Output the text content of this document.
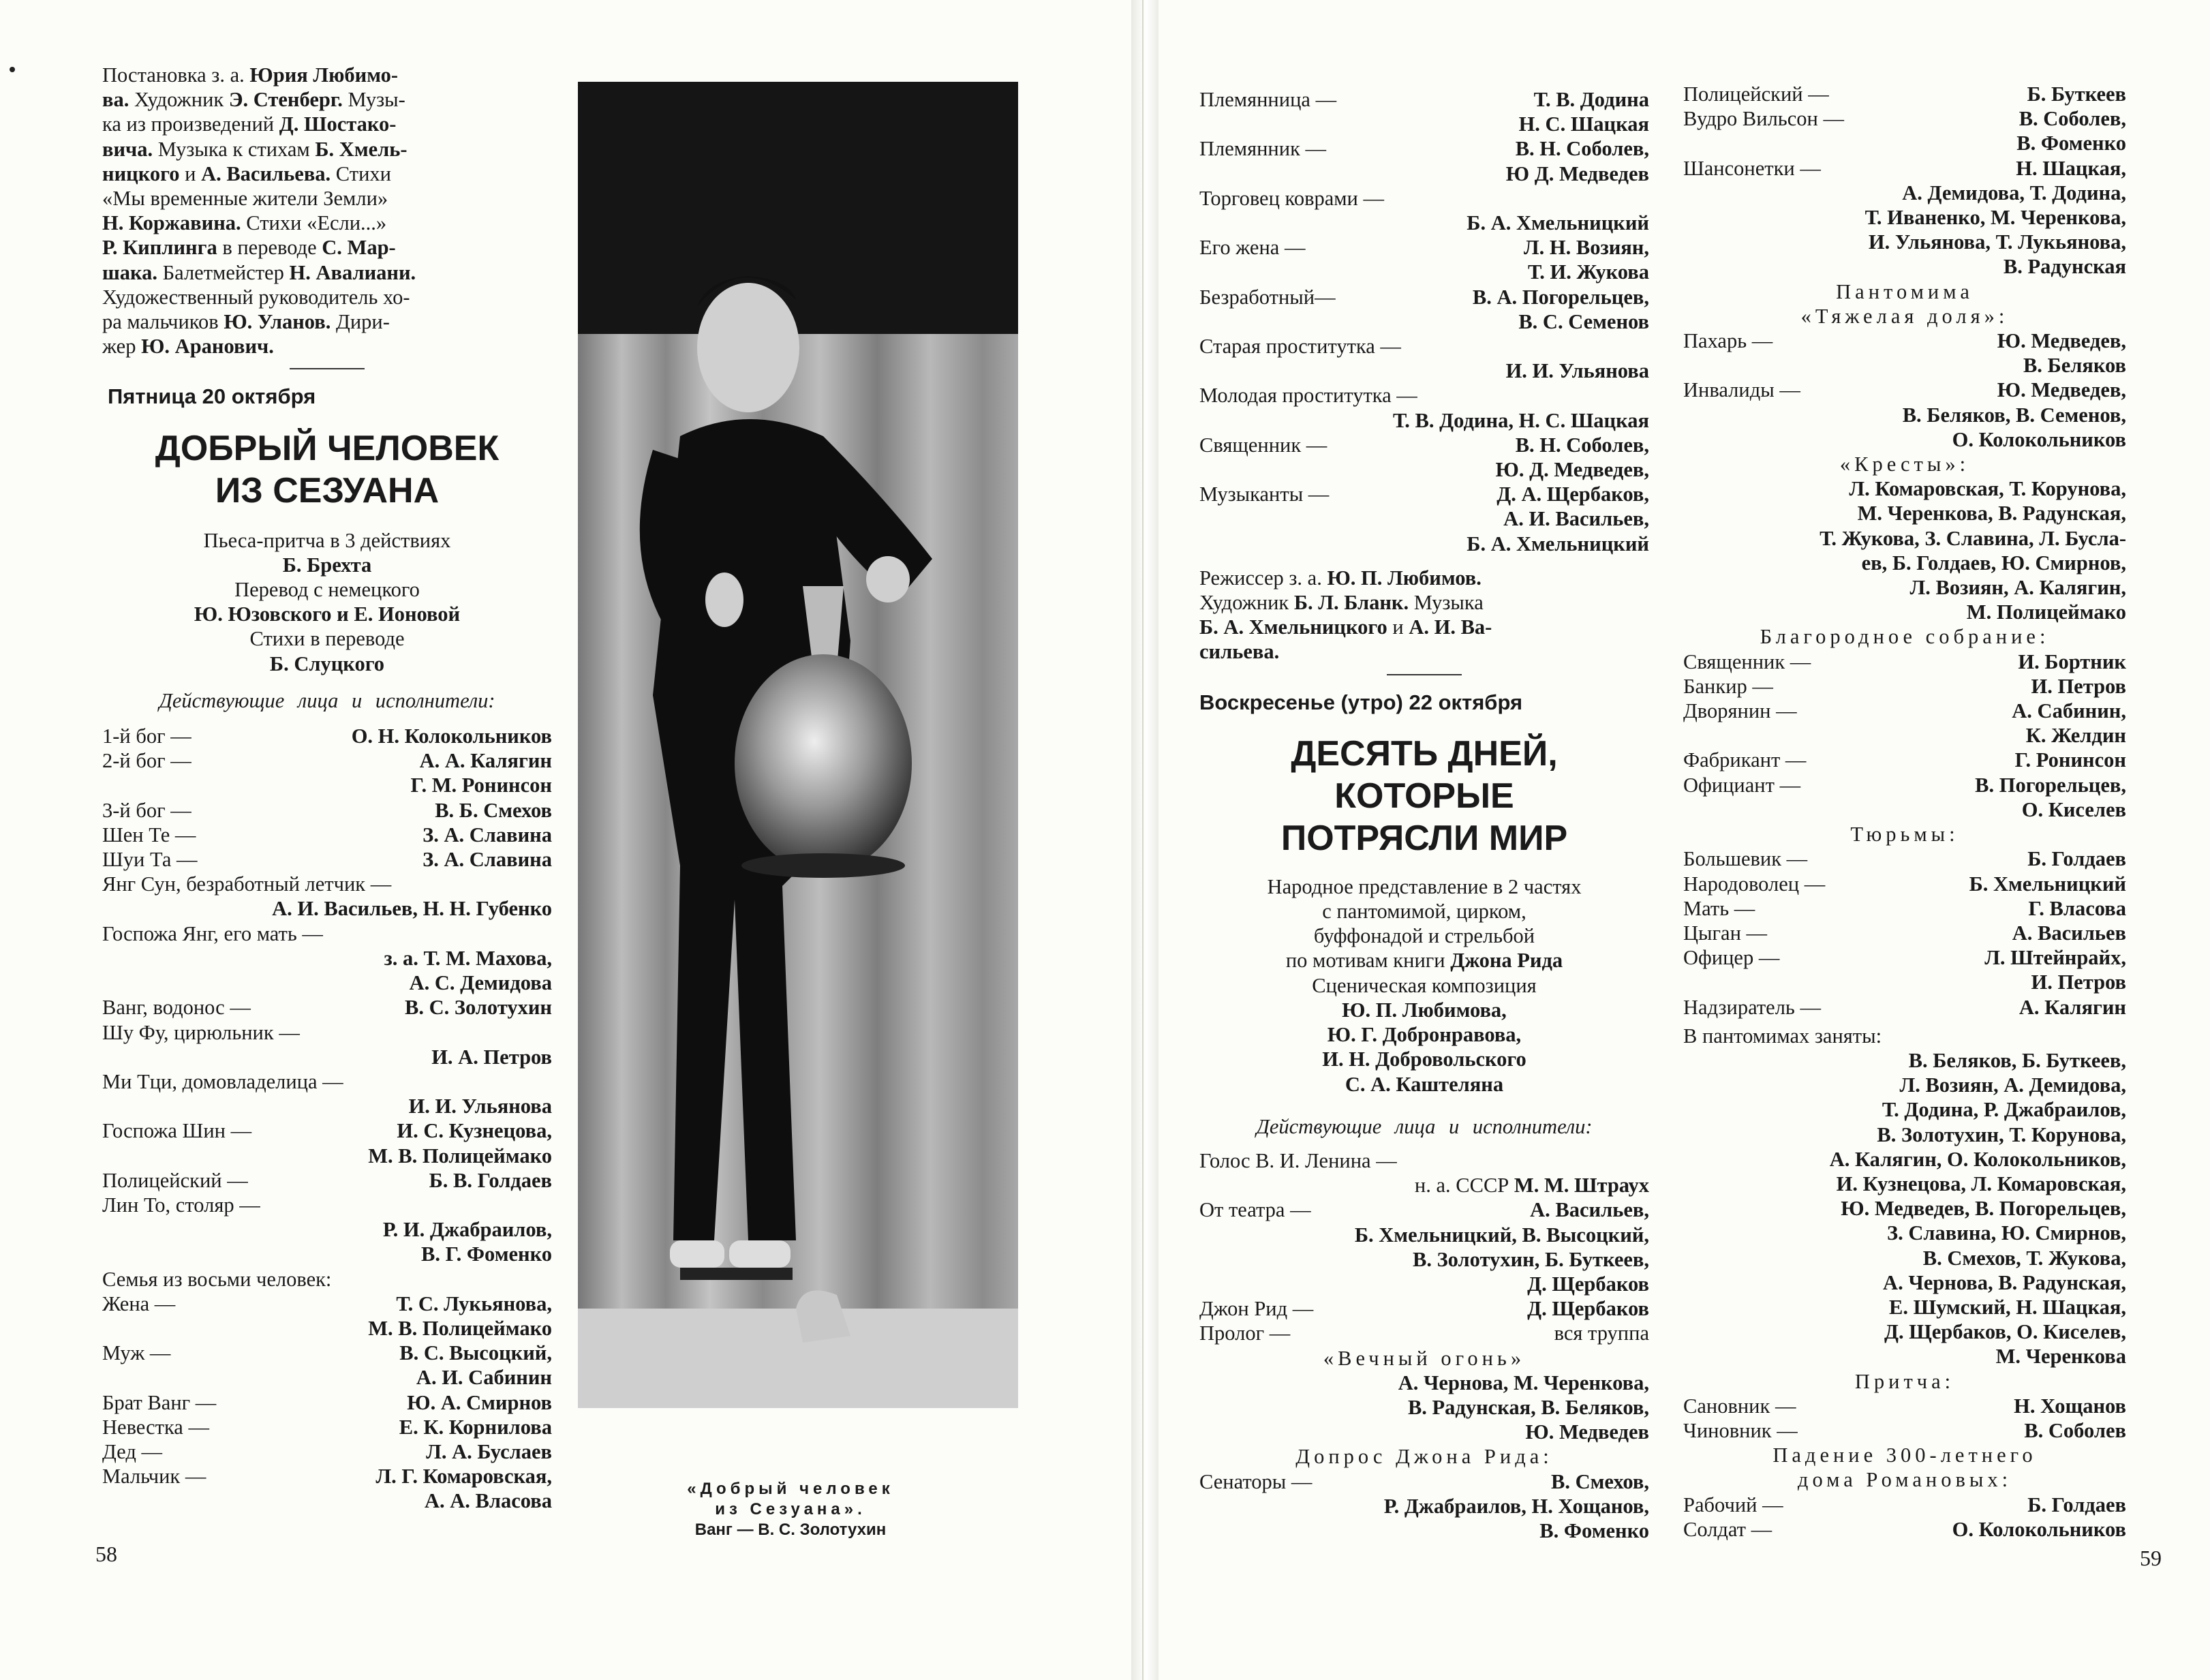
Постановка з. а. Юрия Любимо-
ва. Художник Э. Стенберг. Музы-
ка из произведений Д. Шостако-
вича. Музыка к стихам Б. Хмель-
ницкого и А. Васильева. Стихи
«Мы временные жители Земли»
Н. Коржавина. Стихи «Если...»
Р. Киплинга в переводе С. Мар-
шака. Балетмейстер Н. Авалиани.
Художественный руководитель хо-
ра мальчиков Ю. Уланов. Дири-
жер Ю. Аранович.
Пятница 20 октября
ДОБРЫЙ ЧЕЛОВЕК
ИЗ СЕЗУАНА
Пьеса-притча в 3 действиях
Б. Брехта
Перевод с немецкого
Ю. Юзовского и Е. Ионовой
Стихи в переводе
Б. Слуцкого
Действующие лица и исполнители:
1-й бог —	О. Н. Колокольников
2-й бог —	А. А. Калягин
Г. М. Ронинсон
3-й бог —	В. Б. Смехов
Шен Те —	З. А. Славина
Шуи Та —	З. А. Славина
Янг Сун, безработный летчик —
А. И. Васильев, Н. Н. Губенко
Госпожа Янг, его мать —
з. а. Т. М. Махова,
А. С. Демидова
Ванг, водонос —	В. С. Золотухин
Шу Фу, цирюльник —
И. А. Петров
Ми Тци, домовладелица —
И. И. Ульянова
Госпожа Шин —	И. С. Кузнецова,
М. В. Полицеймако
Полицейский —	Б. В. Голдаев
Лин То, столяр —
Р. И. Джабраилов,
В. Г. Фоменко
Семья из восьми человек:
Жена —	Т. С. Лукьянова,
М. В. Полицеймако
Муж —	В. С. Высоцкий,
А. И. Сабинин
Брат Ванг —	Ю. А. Смирнов
Невестка —	Е. К. Корнилова
Дед —	Л. А. Буслаев
Мальчик —	Л. Г. Комаровская,
А. А. Власова
«Добрый человек
из Сезуана».
Ванг — В. С. Золотухин
58
Племянница —	Т. В. Додина
Н. С. Шацкая
Племянник —	В. Н. Соболев,
Ю Д. Медведев
Торговец коврами —
Б. А. Хмельницкий
Его жена —	Л. Н. Возиян,
Т. И. Жукова
Безработный—	В. А. Погорельцев,
В. С. Семенов
Старая проститутка —
И. И. Ульянова
Молодая проститутка —
Т. В. Додина, Н. С. Шацкая
Священник —	В. Н. Соболев,
Ю. Д. Медведев,
Музыканты —	Д. А. Щербаков,
А. И. Васильев,
Б. А. Хмельницкий
Режиссер з. а. Ю. П. Любимов.
Художник Б. Л. Бланк. Музыка
Б. А. Хмельницкого и А. И. Ва-
сильева.
Воскресенье (утро) 22 октября
ДЕСЯТЬ ДНЕЙ,
КОТОРЫЕ
ПОТРЯСЛИ МИР
Народное представление в 2 частях
с пантомимой, цирком,
буффонадой и стрельбой
по мотивам книги Джона Рида
Сценическая композиция
Ю. П. Любимова,
Ю. Г. Добронравова,
И. Н. Добровольского
С. А. Каштеляна
Действующие лица и исполнители:
Голос В. И. Ленина —
н. а. СССР М. М. Штраух
От театра —	А. Васильев,
Б. Хмельницкий, В. Высоцкий,
В. Золотухин, Б. Буткеев,
Д. Щербаков
Джон Рид —	Д. Щербаков
Пролог —	вся труппа
«Вечный огонь»
А. Чернова, М. Черенкова,
В. Радунская, В. Беляков,
Ю. Медведев
Допрос Джона Рида:
Сенаторы —	В. Смехов,
Р. Джабраилов, Н. Хощанов,
В. Фоменко
Полицейский —	Б. Буткеев
Вудро Вильсон —	В. Соболев,
В. Фоменко
Шансонетки —	Н. Шацкая,
А. Демидова, Т. Додина,
Т. Иваненко, М. Черенкова,
И. Ульянова, Т. Лукьянова,
В. Радунская
Пантомима
«Тяжелая доля»:
Пахарь —	Ю. Медведев,
В. Беляков
Инвалиды —	Ю. Медведев,
В. Беляков, В. Семенов,
О. Колокольников
«Кресты»:
Л. Комаровская, Т. Корунова,
М. Черенкова, В. Радунская,
Т. Жукова, З. Славина, Л. Бусла-
ев, Б. Голдаев, Ю. Смирнов,
Л. Возиян, А. Калягин,
М. Полицеймако
Благородное собрание:
Священник —	И. Бортник
Банкир —	И. Петров
Дворянин —	А. Сабинин,
К. Желдин
Фабрикант —	Г. Ронинсон
Официант —	В. Погорельцев,
О. Киселев
Тюрьмы:
Большевик —	Б. Голдаев
Народоволец —	Б. Хмельницкий
Мать —	Г. Власова
Цыган —	А. Васильев
Офицер —	Л. Штейнрайх,
И. Петров
Надзиратель —	А. Калягин
В пантомимах заняты:
В. Беляков, Б. Буткеев,
Л. Возиян, А. Демидова,
Т. Додина, Р. Джабраилов,
В. Золотухин, Т. Корунова,
А. Калягин, О. Колокольников,
И. Кузнецова, Л. Комаровская,
Ю. Медведев, В. Погорельцев,
З. Славина, Ю. Смирнов,
В. Смехов, Т. Жукова,
А. Чернова, В. Радунская,
Е. Шумский, Н. Шацкая,
Д. Щербаков, О. Киселев,
М. Черенкова
Притча:
Сановник —	Н. Хощанов
Чиновник —	В. Соболев
Падение 300-летнего
дома Романовых:
Рабочий —	Б. Голдаев
Солдат —	О. Колокольников
59
